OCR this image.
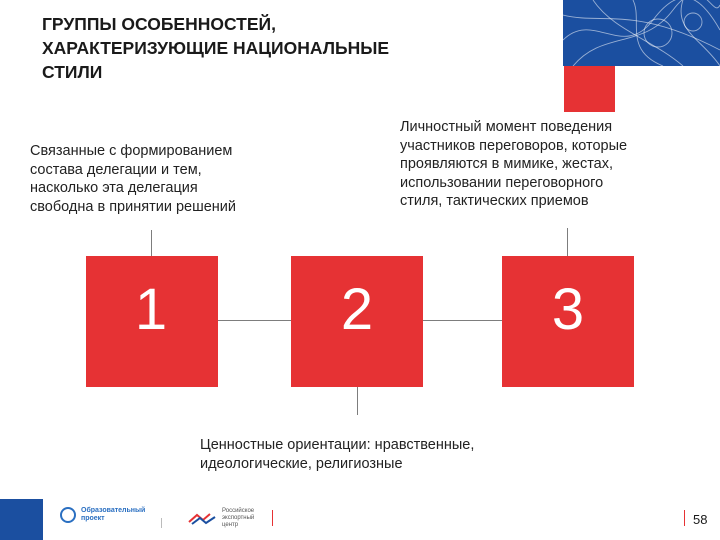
ГРУППЫ ОСОБЕННОСТЕЙ,
ХАРАКТЕРИЗУЮЩИЕ НАЦИОНАЛЬНЫЕ
СТИЛИ
Связанные с формированием
состава делегации и тем,
насколько эта делегация
свободна в принятии решений
Личностный момент поведения
участников переговоров, которые
проявляются в мимике, жестах,
использовании переговорного
стиля, тактических приемов
1	2	3
Ценностные ориентации: нравственные,
идеологические, религиозные
Образовательный
проект
Российское
экспортный
центр	58
